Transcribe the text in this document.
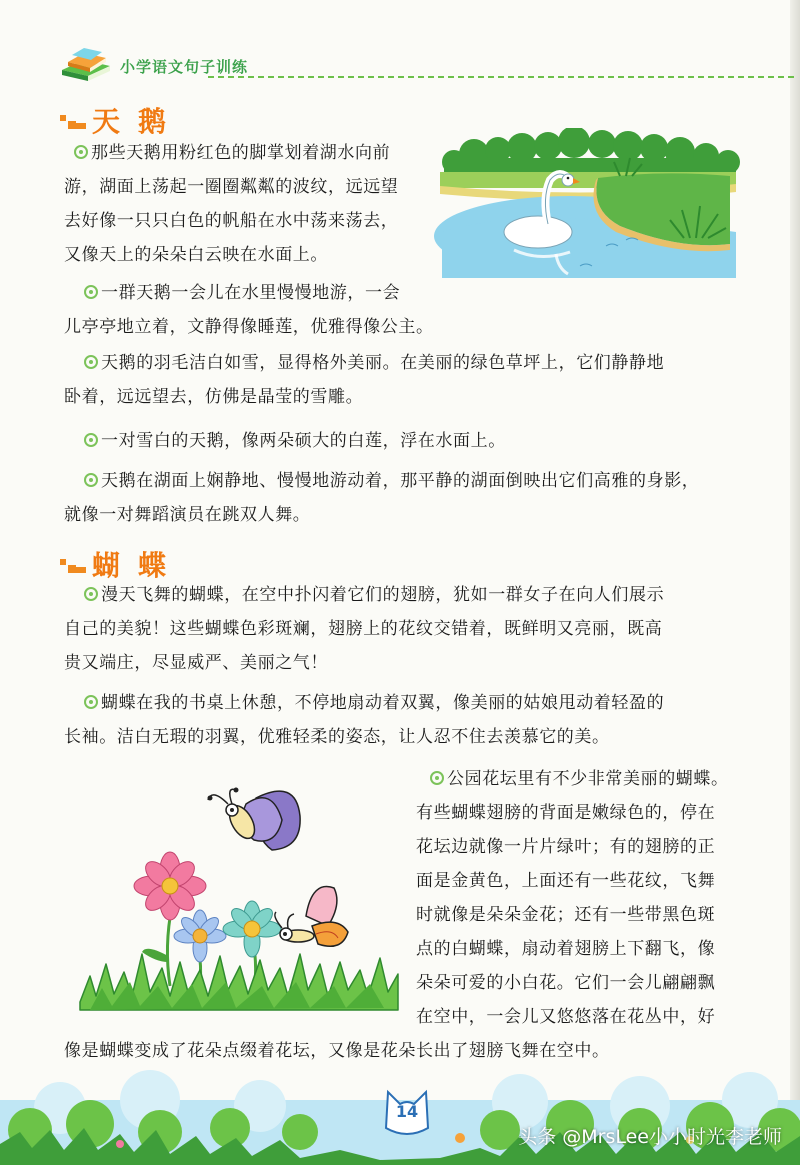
小学语文句子训练
天鹅
那些天鹅用粉红色的脚掌划着湖水向前
游，湖面上荡起一圈圈粼粼的波纹，远远望
去好像一只只白色的帆船在水中荡来荡去，
又像天上的朵朵白云映在水面上。
一群天鹅一会儿在水里慢慢地游，一会
儿亭亭地立着，文静得像睡莲，优雅得像公主。
天鹅的羽毛洁白如雪，显得格外美丽。在美丽的绿色草坪上，它们静静地
卧着，远远望去，仿佛是晶莹的雪雕。
一对雪白的天鹅，像两朵硕大的白莲，浮在水面上。
天鹅在湖面上娴静地、慢慢地游动着，那平静的湖面倒映出它们高雅的身影，
就像一对舞蹈演员在跳双人舞。
蝴蝶
漫天飞舞的蝴蝶，在空中扑闪着它们的翅膀，犹如一群女子在向人们展示
自己的美貌！这些蝴蝶色彩斑斓，翅膀上的花纹交错着，既鲜明又亮丽，既高
贵又端庄，尽显威严、美丽之气！
蝴蝶在我的书桌上休憩，不停地扇动着双翼，像美丽的姑娘甩动着轻盈的
长袖。洁白无瑕的羽翼，优雅轻柔的姿态，让人忍不住去羡慕它的美。
公园花坛里有不少非常美丽的蝴蝶。
有些蝴蝶翅膀的背面是嫩绿色的，停在
花坛边就像一片片绿叶；有的翅膀的正
面是金黄色，上面还有一些花纹，飞舞
时就像是朵朵金花；还有一些带黑色斑
点的白蝴蝶，扇动着翅膀上下翻飞，像
朵朵可爱的小白花。它们一会儿翩翩飘
在空中，一会儿又悠悠落在花丛中，好
像是蝴蝶变成了花朵点缀着花坛，又像是花朵长出了翅膀飞舞在空中。
14
头条 @MrsLee小小时光李老师
